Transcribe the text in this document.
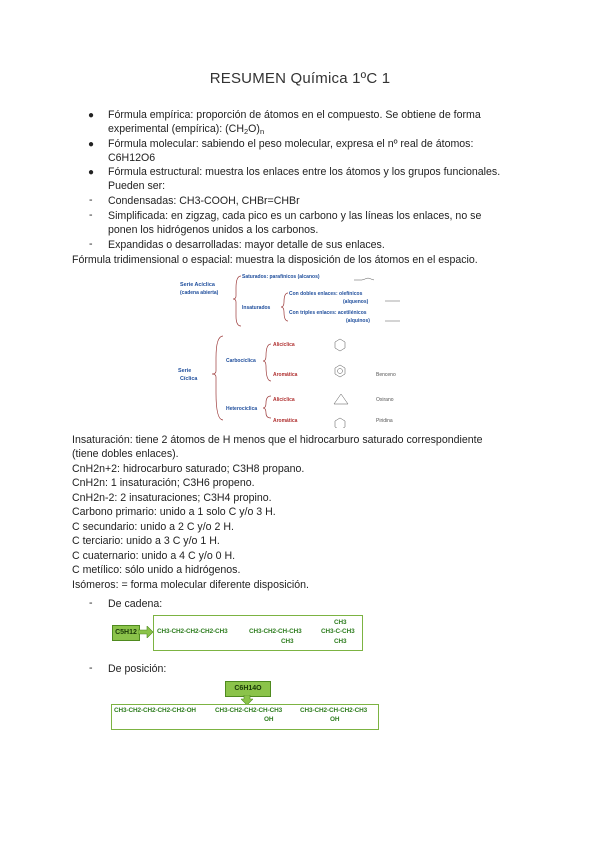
RESUMEN Química 1ºC 1
● Fórmula empírica: proporción de átomos en el compuesto. Se obtiene de forma
experimental (empírica): $(CH_2O)_n$
● Fórmula molecular: sabiendo el peso molecular, expresa el nº real de átomos:
C6H12O6
● Fórmula estructural: muestra los enlaces entre los átomos y los grupos funcionales.
Pueden ser:
- Condensadas: CH3-COOH, CHBr=CHBr
- Simplificada: en zigzag, cada pico es un carbono y las líneas los enlaces, no se
ponen los hidrógenos unidos a los carbonos.
- Expandidas o desarrolladas: mayor detalle de sus enlaces.
Fórmula tridimensional o espacial: muestra la disposición de los átomos en el espacio.
Serie Acíclica
(cadena abierta)
Saturados: parafínicos (alcanos)
Insaturados
Con dobles enlaces: olefínicos
(alquenos)
Con triples enlaces: acetilénicos
(alquinos)
Serie
Cíclica
Carbocíclica
Heterocíclica
Alicíclica
Aromática
Alicíclica
Aromática
Benceno
Oxirano
Piridina
Insaturación: tiene 2 átomos de H menos que el hidrocarburo saturado correspondiente
(tiene dobles enlaces).
CnH2n+2: hidrocarburo saturado; C3H8 propano.
CnH2n: 1 insaturación; C3H6 propeno.
CnH2n-2: 2 insaturaciones; C3H4 propino.
Carbono primario: unido a 1 solo C y/o 3 H.
C secundario: unido a 2 C y/o 2 H.
C terciario: unido a 3 C y/o 1 H.
C cuaternario: unido a 4 C y/o 0 H.
C metílico: sólo unido a hidrógenos.
Isómeros: = forma molecular diferente disposición.
- De cadena:
C5H12	CH3-CH2-CH2-CH2-CH3	CH3-CH2-CH-CH3
CH3
CH3
CH3-C-CH3
CH3
- De posición:
C6H14O
CH3-CH2-CH2-CH2-CH2-OH	CH3-CH2-CH2-CH-CH3
OH
CH3-CH2-CH-CH2-CH3
OH
